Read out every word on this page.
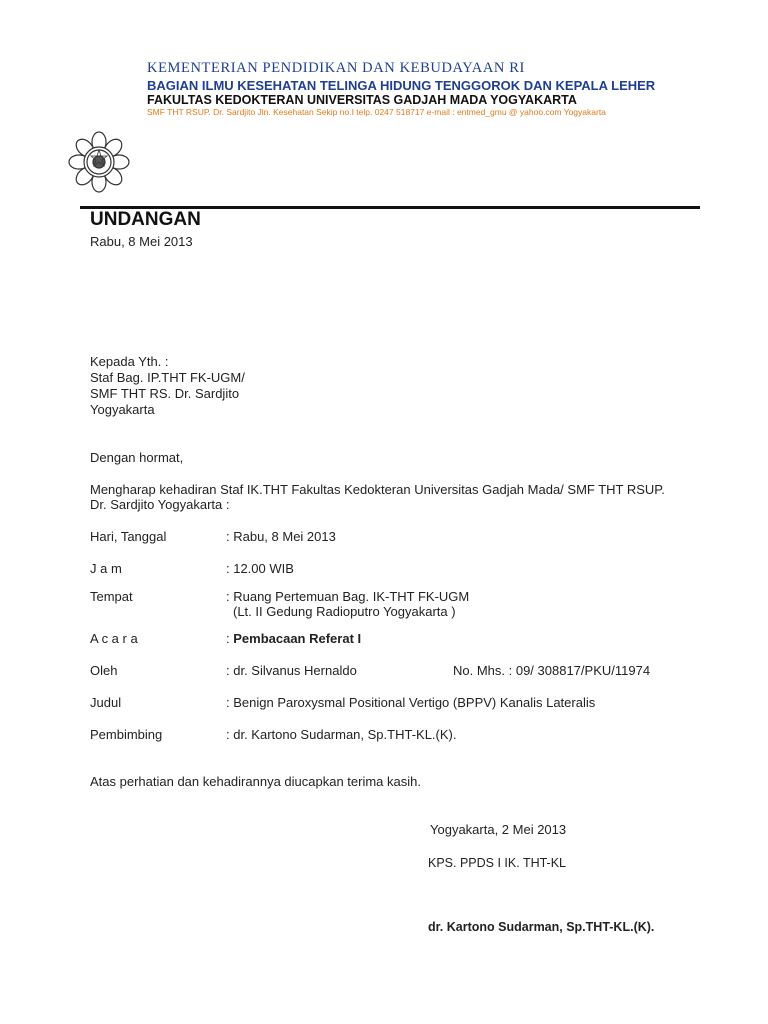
KEMENTERIAN PENDIDIKAN DAN KEBUDAYAAN RI
BAGIAN ILMU KESEHATAN TELINGA HIDUNG TENGGOROK DAN KEPALA LEHER
FAKULTAS KEDOKTERAN UNIVERSITAS GADJAH MADA YOGYAKARTA
SMF THT RSUP. Dr. Sardjito Jln. Kesehatan Sekip no.I telp. 0247 518717 e-mail : entmed_gmu @ yahoo.com Yogyakarta
UNDANGAN
Rabu, 8 Mei 2013
Kepada Yth. :
Staf Bag. IP.THT FK-UGM/
SMF THT RS. Dr. Sardjito
Yogyakarta
Dengan hormat,
Mengharap kehadiran Staf IK.THT Fakultas Kedokteran Universitas Gadjah Mada/ SMF THT RSUP.
Dr. Sardjito Yogyakarta :
Hari, Tanggal	: Rabu, 8 Mei 2013
J a m	: 12.00 WIB
Tempat	: Ruang Pertemuan Bag. IK-THT FK-UGM
(Lt. II Gedung Radioputro Yogyakarta )
A c a r a	: Pembacaan Referat I
Oleh	: dr. Silvanus Hernaldo	No. Mhs. : 09/ 308817/PKU/11974
Judul	: Benign Paroxysmal Positional Vertigo (BPPV) Kanalis Lateralis
Pembimbing	: dr. Kartono Sudarman, Sp.THT-KL.(K).
Atas perhatian dan kehadirannya diucapkan terima kasih.
Yogyakarta, 2 Mei 2013
KPS. PPDS I IK. THT-KL
dr. Kartono Sudarman, Sp.THT-KL.(K).
